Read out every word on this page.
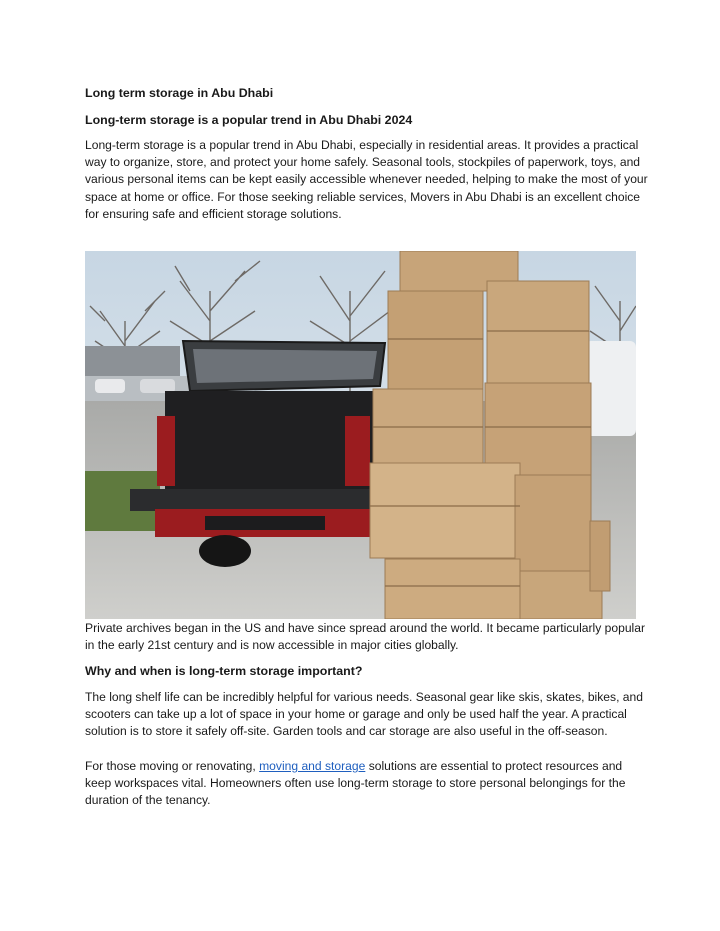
Long term storage in Abu Dhabi
Long-term storage is a popular trend in Abu Dhabi 2024
Long-term storage is a popular trend in Abu Dhabi, especially in residential areas. It provides a practical
way to organize, store, and protect your home safely. Seasonal tools, stockpiles of paperwork, toys, and
various personal items can be kept easily accessible whenever needed, helping to make the most of your
space at home or office. For those seeking reliable services, Movers in Abu Dhabi is an excellent choice
for ensuring safe and efficient storage solutions.
Private archives began in the US and have since spread around the world. It became particularly popular
in the early 21st century and is now accessible in major cities globally.
Why and when is long-term storage important?
The long shelf life can be incredibly helpful for various needs. Seasonal gear like skis, skates, bikes, and
scooters can take up a lot of space in your home or garage and only be used half the year. A practical
solution is to store it safely off-site. Garden tools and car storage are also useful in the off-season.
For those moving or renovating, moving and storage solutions are essential to protect resources and
keep workspaces vital. Homeowners often use long-term storage to store personal belongings for the
duration of the tenancy.
